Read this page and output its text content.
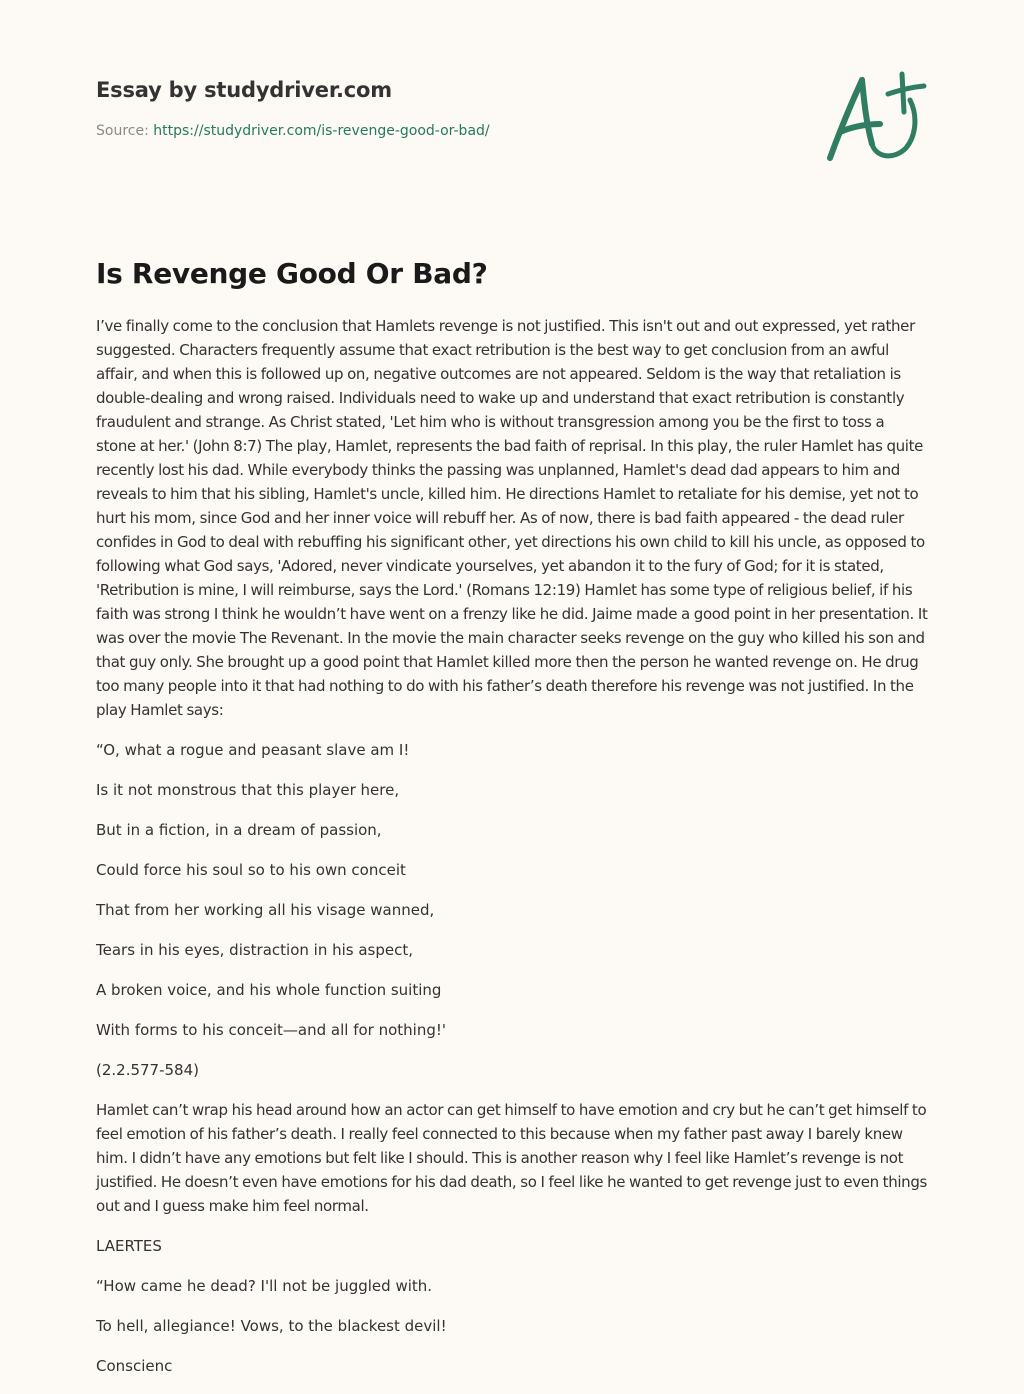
Essay by studydriver.com
Source: https://studydriver.com/is-revenge-good-or-bad/
Is Revenge Good Or Bad?

I’ve finally come to the conclusion that Hamlets revenge is not justified. This isn't out and out expressed, yet rather suggested. Characters frequently assume that exact retribution is the best way to get conclusion from an awful affair, and when this is followed up on, negative outcomes are not appeared. Seldom is the way that retaliation is double-dealing and wrong raised. Individuals need to wake up and understand that exact retribution is constantly fraudulent and strange. As Christ stated, 'Let him who is without transgression among you be the first to toss a stone at her.' (John 8:7) The play, Hamlet, represents the bad faith of reprisal. In this play, the ruler Hamlet has quite recently lost his dad. While everybody thinks the passing was unplanned, Hamlet's dead dad appears to him and reveals to him that his sibling, Hamlet's uncle, killed him. He directions Hamlet to retaliate for his demise, yet not to hurt his mom, since God and her inner voice will rebuff her. As of now, there is bad faith appeared - the dead ruler confides in God to deal with rebuffing his significant other, yet directions his own child to kill his uncle, as opposed to following what God says, 'Adored, never vindicate yourselves, yet abandon it to the fury of God; for it is stated, 'Retribution is mine, I will reimburse, says the Lord.' (Romans 12:19) Hamlet has some type of religious belief, if his faith was strong I think he wouldn’t have went on a frenzy like he did. Jaime made a good point in her presentation. It was over the movie The Revenant. In the movie the main character seeks revenge on the guy who killed his son and that guy only. She brought up a good point that Hamlet killed more then the person he wanted revenge on. He drug too many people into it that had nothing to do with his father’s death therefore his revenge was not justified. In the play Hamlet says:

“O, what a rogue and peasant slave am I!

Is it not monstrous that this player here,

But in a fiction, in a dream of passion,

Could force his soul so to his own conceit

That from her working all his visage wanned,

Tears in his eyes, distraction in his aspect,

A broken voice, and his whole function suiting

With forms to his conceit—and all for nothing!'

(2.2.577-584)

Hamlet can’t wrap his head around how an actor can get himself to have emotion and cry but he can’t get himself to feel emotion of his father’s death. I really feel connected to this because when my father past away I barely knew him. I didn’t have any emotions but felt like I should. This is another reason why I feel like Hamlet’s revenge is not justified. He doesn’t even have emotions for his dad death, so I feel like he wanted to get revenge just to even things out and I guess make him feel normal.

LAERTES

“How came he dead? I'll not be juggled with.

To hell, allegiance! Vows, to the blackest devil!

Conscienc
